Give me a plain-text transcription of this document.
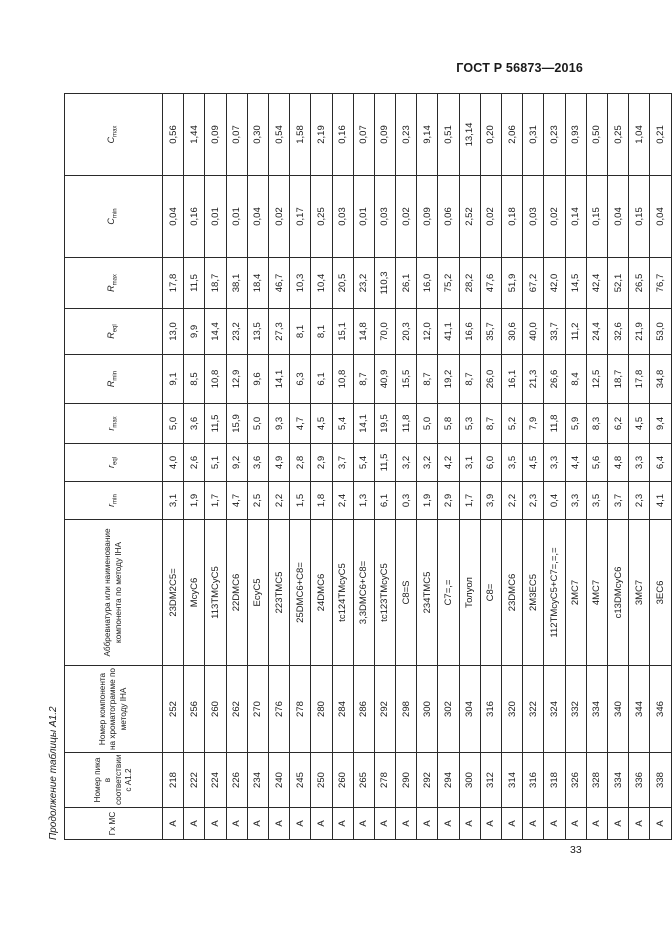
ГОСТ Р 56873—2016
Продолжение таблицы А1.2	Гх МС	Номер пика в соответствии с А1.2	Номер компонента на хроматограмме по методу IHA	Аббревиатура или наименование компонента по методу IHA	$r_{min}$	$r_{eql}$	$r_{max}$	$R_{min}$	$R_{eql}$	$R_{max}$	$C_{min}$	$C_{max}$
A	218	252	23DM2C5=	3,1	4,0	5,0	9,1	13,0	17,8	0,04	0,56
A	222	256	McyC6	1,9	2,6	3,6	8,5	9,9	11,5	0,16	1,44
A	224	260	113TMCyC5	1,7	5,1	11,5	10,8	14,4	18,7	0,01	0,09
A	226	262	22DMC6	4,7	9,2	15,9	12,9	23,2	38,1	0,01	0,07
A	234	270	EcyC5	2,5	3,6	5,0	9,6	13,5	18,4	0,04	0,30
A	240	276	223TMC5	2,2	4,9	9,3	14,1	27,3	46,7	0,02	0,54
A	245	278	25DMC6+C8=	1,5	2,8	4,7	6,3	8,1	10,3	0,17	1,58
A	250	280	24DMC6	1,8	2,9	4,5	6,1	8,1	10,4	0,25	2,19
A	260	284	tc124TMcyC5	2,4	3,7	5,4	10,8	15,1	20,5	0,03	0,16
A	265	286	3,3DMC6+C8=	1,3	5,4	14,1	8,7	14,8	23,2	0,01	0,07
A	278	292	tc123TMcyC5	6,1	11,5	19,5	40,9	70,0	110,3	0,03	0,09
A	290	298	C8=S	0,3	3,2	11,8	15,5	20,3	26,1	0,02	0,23
A	292	300	234TMC5	1,9	3,2	5,0	8,7	12,0	16,0	0,09	9,14
A	294	302	C7=,=	2,9	4,2	5,8	19,2	41,1	75,2	0,06	0,51
A	300	304	Толуол	1,7	3,1	5,3	8,7	16,6	28,2	2,52	13,14
A	312	316	C8=	3,9	6,0	8,7	26,0	35,7	47,6	0,02	0,20
A	314	320	23DMC6	2,2	3,5	5,2	16,1	30,6	51,9	0,18	2,06
A	316	322	2M3EC5	2,3	4,5	7,9	21,3	40,0	67,2	0,03	0,31
A	318	324	112TMcyC5+C7=,=,=	0,4	3,3	11,8	26,6	33,7	42,0	0,02	0,23
A	326	332	2MC7	3,3	4,4	5,9	8,4	11,2	14,5	0,14	0,93
A	328	334	4MC7	3,5	5,6	8,3	12,5	24,4	42,4	0,15	0,50
A	334	340	c13DMcyC6	3,7	4,8	6,2	18,7	32,6	52,1	0,04	0,25
A	336	344	3MC7	2,3	3,3	4,5	17,8	21,9	26,5	0,15	1,04
A	338	346	3EC6	4,1	6,4	9,4	34,8	53,0	76,7	0,04	0,21
33
